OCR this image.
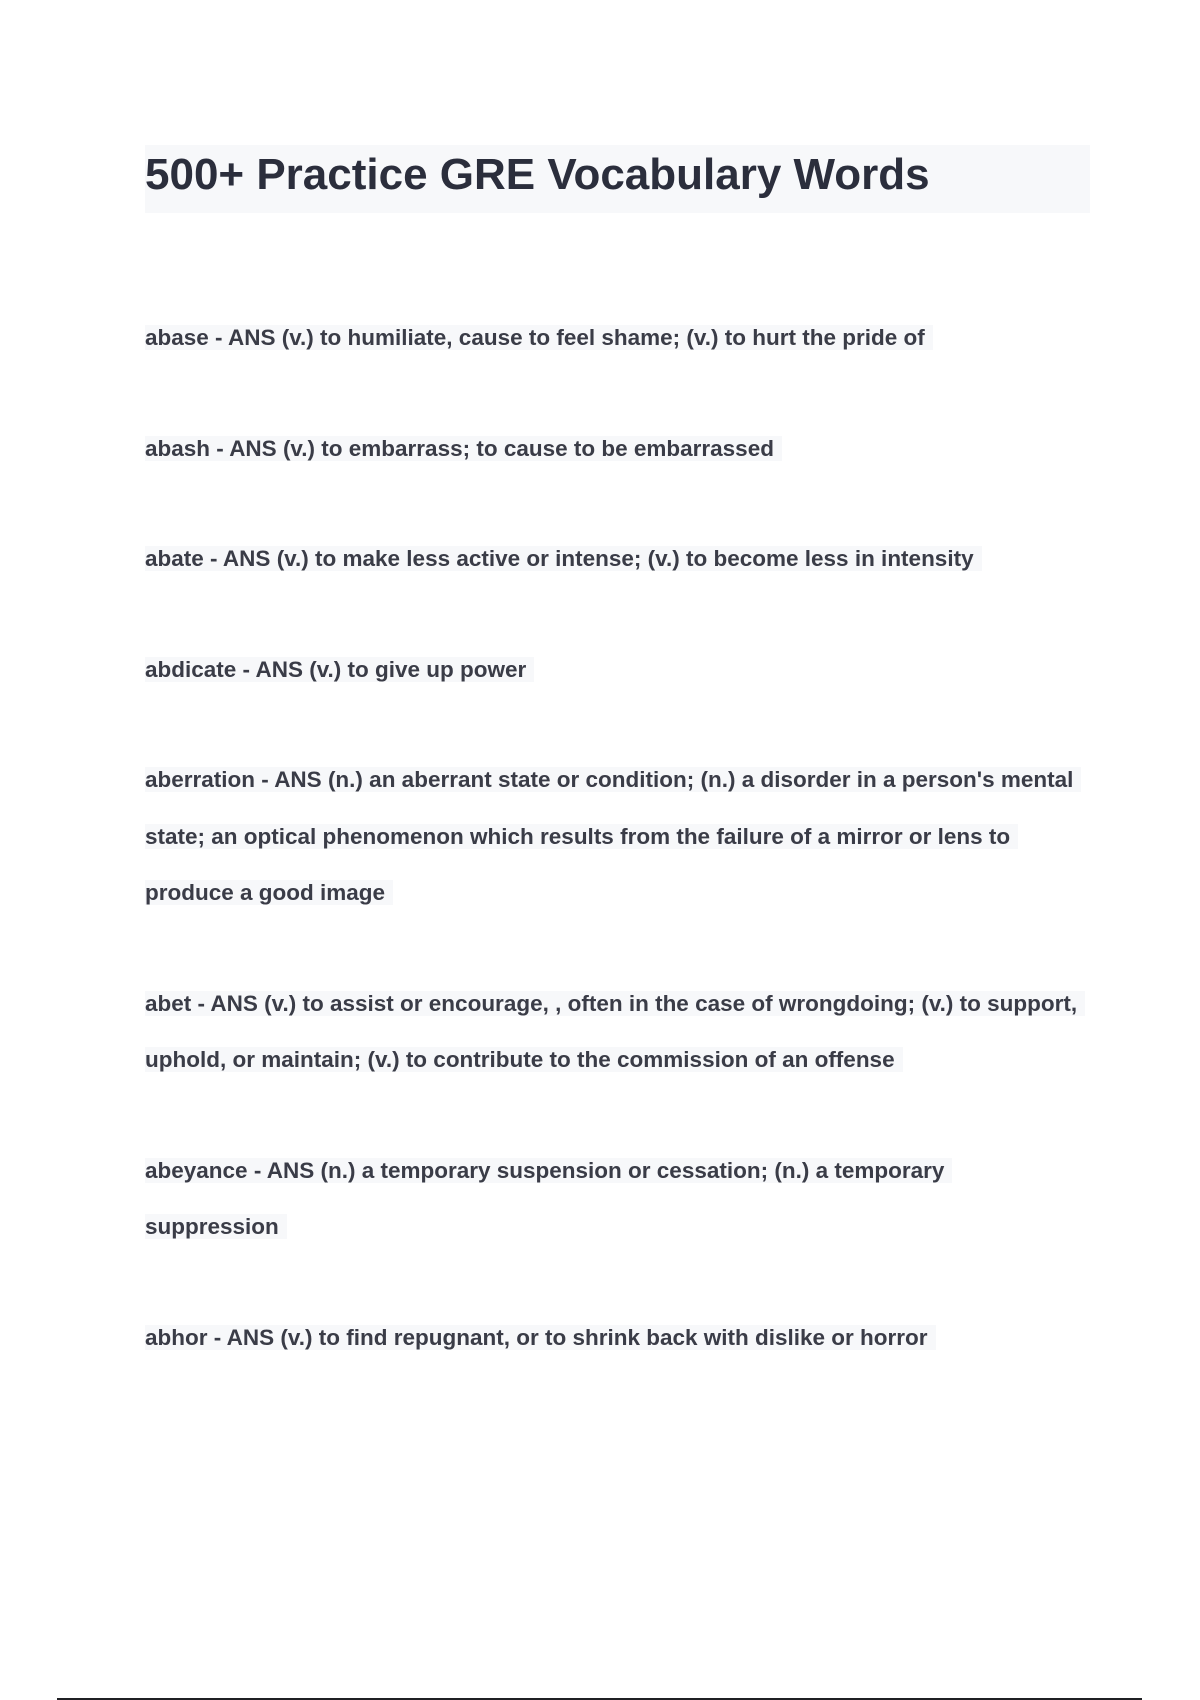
500+ Practice GRE Vocabulary Words

abase - ANS (v.) to humiliate, cause to feel shame; (v.) to hurt the pride of

abash - ANS (v.) to embarrass; to cause to be embarrassed

abate - ANS (v.) to make less active or intense; (v.) to become less in intensity

abdicate - ANS (v.) to give up power

aberration - ANS (n.) an aberrant state or condition; (n.) a disorder in a person's mental state; an optical phenomenon which results from the failure of a mirror or lens to produce a good image

abet - ANS (v.) to assist or encourage, , often in the case of wrongdoing; (v.) to support, uphold, or maintain; (v.) to contribute to the commission of an offense

abeyance - ANS (n.) a temporary suspension or cessation; (n.) a temporary suppression

abhor - ANS (v.) to find repugnant, or to shrink back with dislike or horror
